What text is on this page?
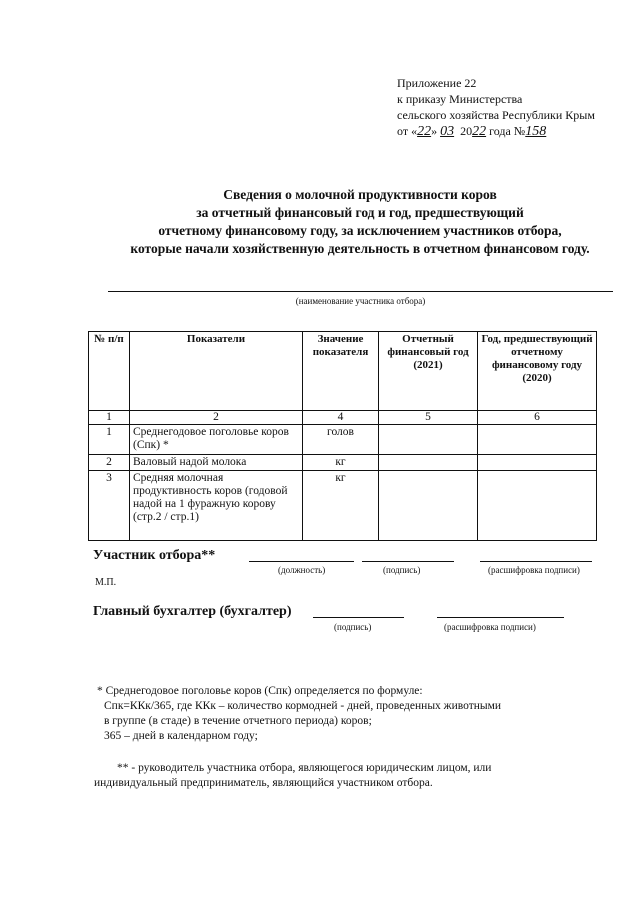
Приложение 22
к приказу Министерства
сельского хозяйства Республики Крым
от «22» 03 2022 года №158
Сведения о молочной продуктивности коров
за отчетный финансовый год и год, предшествующий
отчетному финансовому году, за исключением участников отбора,
которые начали хозяйственную деятельность в отчетном финансовом году.
(наименование участника отбора)
№ п/п	Показатели	Значение показателя	Отчетный финансовый год (2021)	Год, предшествующий отчетному финансовому году (2020)
1	2	4	5	6
1	Среднегодовое поголовье коров (Спк) *	голов		
2	Валовый надой молока	кг		
3	Средняя молочная продуктивность коров (годовой надой на 1 фуражную корову (стр.2 / стр.1)	кг		
Участник отбора**
(должность)	(подпись)	(расшифровка подписи)
М.П.
Главный бухгалтер (бухгалтер)
(подпись)	(расшифровка подписи)
* Среднегодовое поголовье коров (Спк) определяется по формуле:
Спк=ККк/365, где ККк – количество кормодней - дней, проведенных животными
в группе (в стаде) в течение отчетного периода) коров;
365 – дней в календарном году;
** - руководитель участника отбора, являющегося юридическим лицом, или
индивидуальный предприниматель, являющийся участником отбора.
